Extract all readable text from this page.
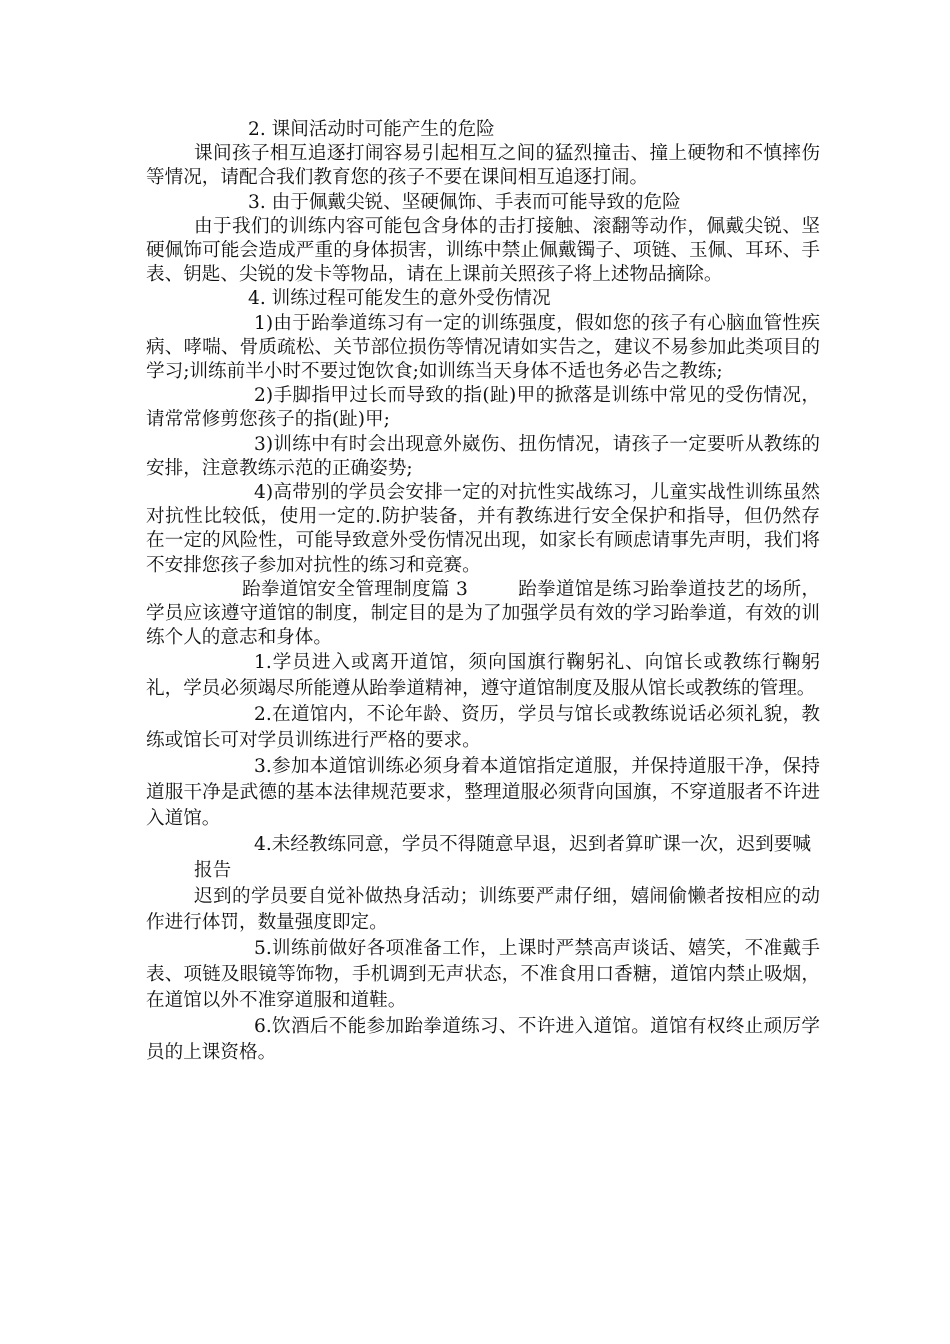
2. 课间活动时可能产生的危险

课间孩子相互追逐打闹容易引起相互之间的猛烈撞击、撞上硬物和不慎摔伤等情况，请配合我们教育您的孩子不要在课间相互追逐打闹。

3. 由于佩戴尖锐、坚硬佩饰、手表而可能导致的危险

由于我们的训练内容可能包含身体的击打接触、滚翻等动作，佩戴尖锐、坚硬佩饰可能会造成严重的身体损害，训练中禁止佩戴镯子、项链、玉佩、耳环、手表、钥匙、尖锐的发卡等物品，请在上课前关照孩子将上述物品摘除。

4. 训练过程可能发生的意外受伤情况

1)由于跆拳道练习有一定的训练强度，假如您的孩子有心脑血管性疾病、哮喘、骨质疏松、关节部位损伤等情况请如实告之，建议不易参加此类项目的学习;训练前半小时不要过饱饮食;如训练当天身体不适也务必告之教练;

2)手脚指甲过长而导致的指(趾)甲的掀落是训练中常见的受伤情况，请常常修剪您孩子的指(趾)甲;

3)训练中有时会出现意外崴伤、扭伤情况，请孩子一定要听从教练的安排，注意教练示范的正确姿势;

4)高带别的学员会安排一定的对抗性实战练习，儿童实战性训练虽然对抗性比较低，使用一定的.防护装备，并有教练进行安全保护和指导，但仍然存在一定的风险性，可能导致意外受伤情况出现，如家长有顾虑请事先声明，我们将不安排您孩子参加对抗性的练习和竞赛。

跆拳道馆安全管理制度篇 3	跆拳道馆是练习跆拳道技艺的场所，学员应该遵守道馆的制度，制定目的是为了加强学员有效的学习跆拳道，有效的训练个人的意志和身体。

1.学员进入或离开道馆，须向国旗行鞠躬礼、向馆长或教练行鞠躬礼，学员必须竭尽所能遵从跆拳道精神，遵守道馆制度及服从馆长或教练的管理。

2.在道馆内，不论年龄、资历，学员与馆长或教练说话必须礼貌，教练或馆长可对学员训练进行严格的要求。

3.参加本道馆训练必须身着本道馆指定道服，并保持道服干净，保持道服干净是武德的基本法律规范要求，整理道服必须背向国旗，不穿道服者不许进入道馆。

4.未经教练同意，学员不得随意早退，迟到者算旷课一次，迟到要喊

报告

迟到的学员要自觉补做热身活动；训练要严肃仔细，嬉闹偷懒者按相应的动作进行体罚，数量强度即定。

5.训练前做好各项准备工作，上课时严禁高声谈话、嬉笑，不准戴手表、项链及眼镜等饰物，手机调到无声状态，不准食用口香糖，道馆内禁止吸烟，在道馆以外不准穿道服和道鞋。

6.饮酒后不能参加跆拳道练习、不许进入道馆。道馆有权终止顽厉学员的上课资格。
